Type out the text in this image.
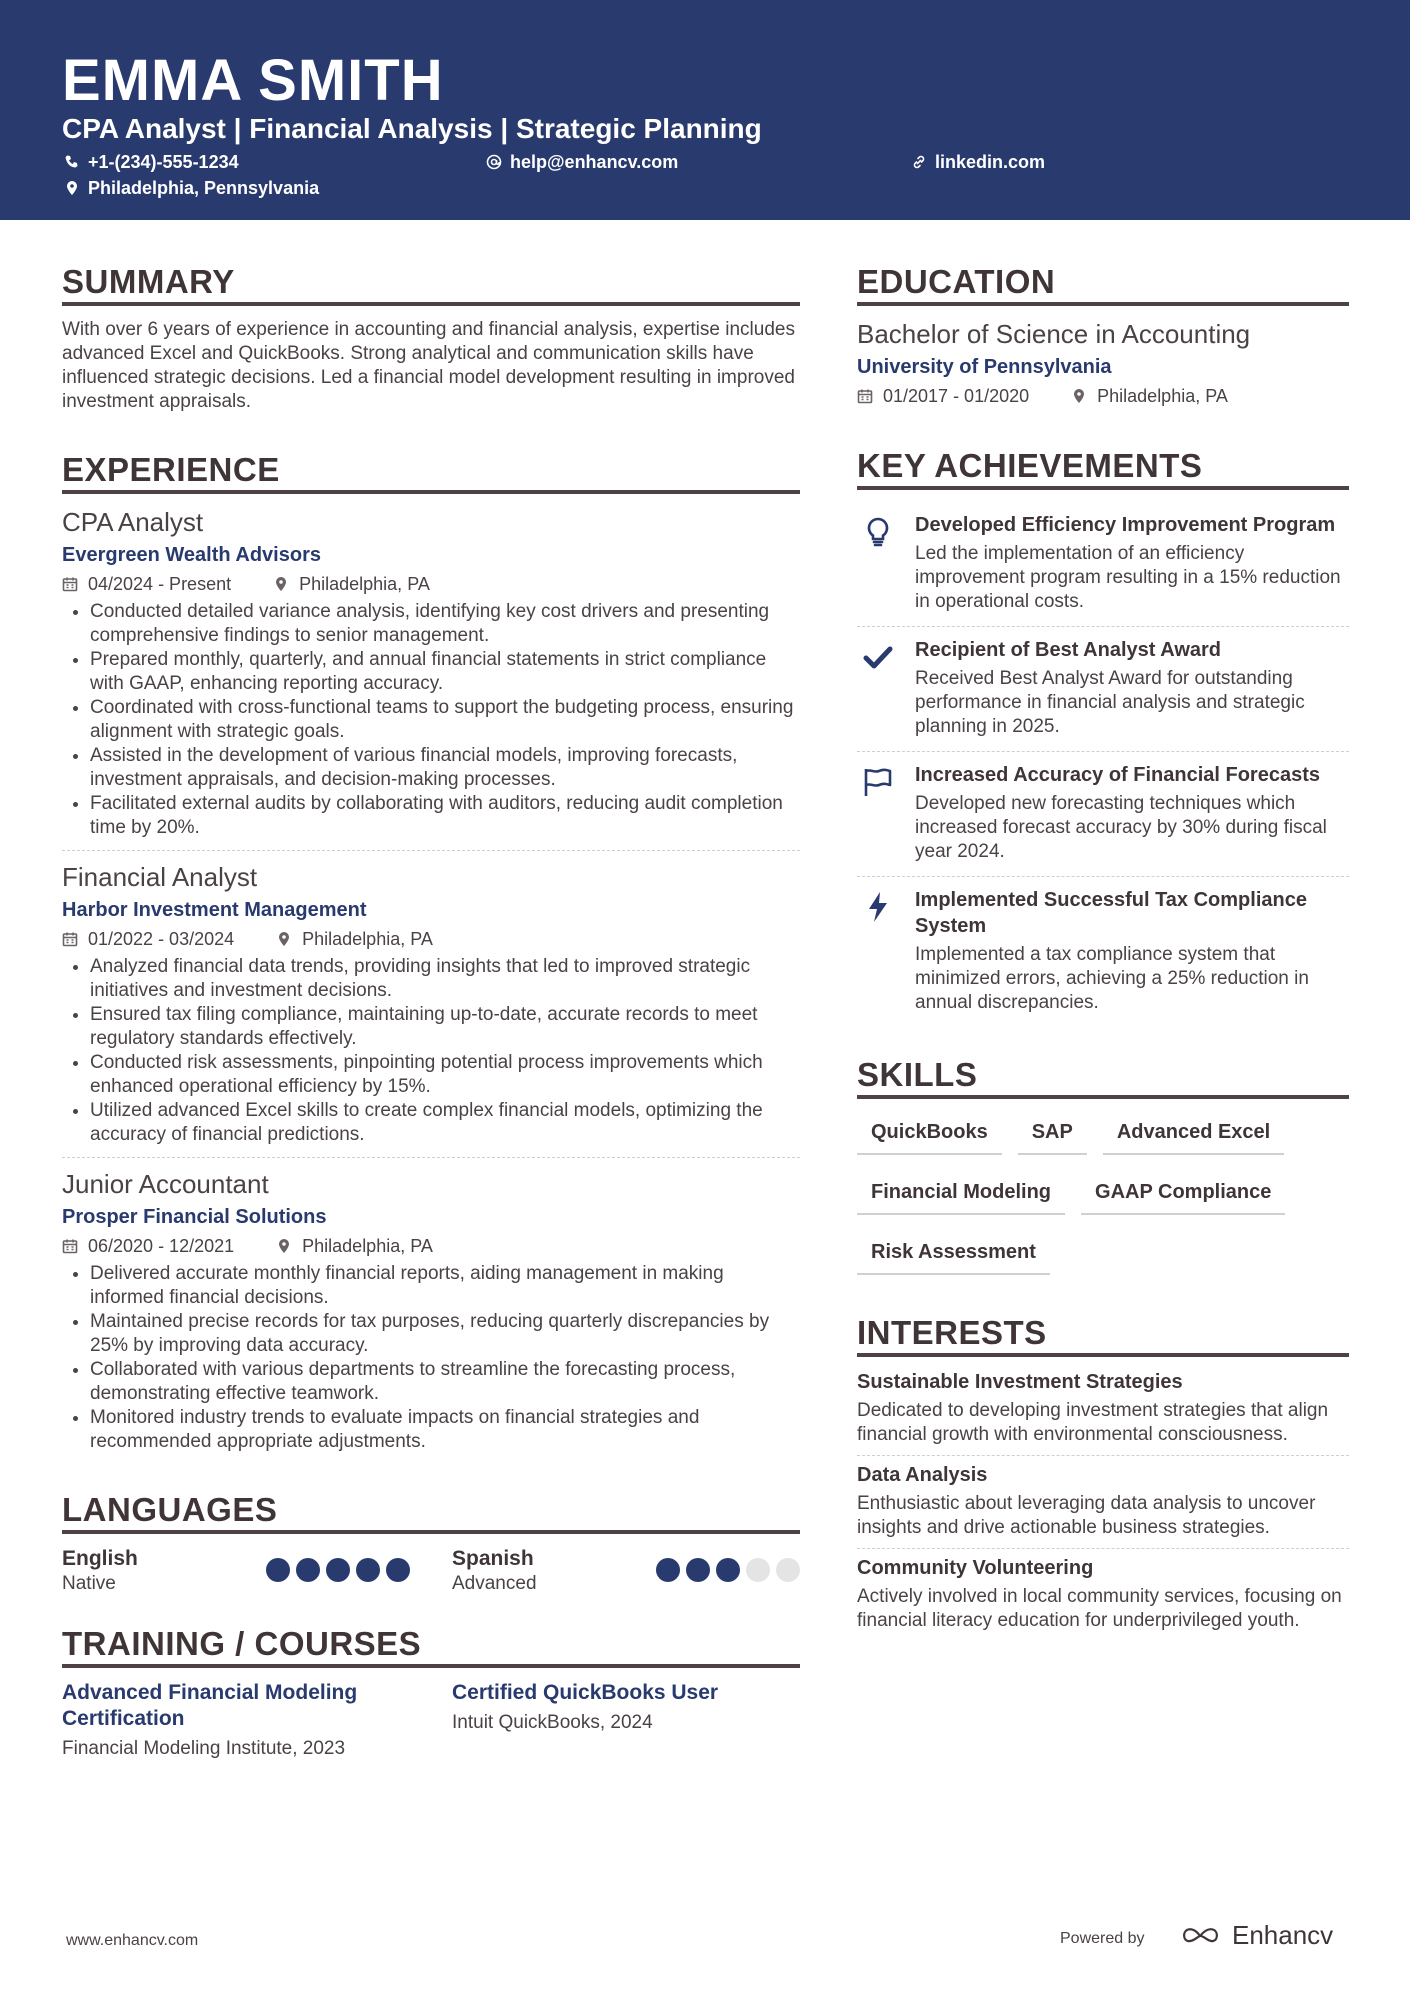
EMMA SMITH
CPA Analyst | Financial Analysis | Strategic Planning
+1-(234)-555-1234	help@enhancv.com	linkedin.com
Philadelphia, Pennsylvania
SUMMARY
With over 6 years of experience in accounting and financial analysis, expertise includes advanced Excel and QuickBooks. Strong analytical and communication skills have influenced strategic decisions. Led a financial model development resulting in improved investment appraisals.
EXPERIENCE
CPA Analyst
Evergreen Wealth Advisors
04/2024 - Present	Philadelphia, PA
• Conducted detailed variance analysis, identifying key cost drivers and presenting comprehensive findings to senior management.
• Prepared monthly, quarterly, and annual financial statements in strict compliance with GAAP, enhancing reporting accuracy.
• Coordinated with cross-functional teams to support the budgeting process, ensuring alignment with strategic goals.
• Assisted in the development of various financial models, improving forecasts, investment appraisals, and decision-making processes.
• Facilitated external audits by collaborating with auditors, reducing audit completion time by 20%.
Financial Analyst
Harbor Investment Management
01/2022 - 03/2024	Philadelphia, PA
• Analyzed financial data trends, providing insights that led to improved strategic initiatives and investment decisions.
• Ensured tax filing compliance, maintaining up-to-date, accurate records to meet regulatory standards effectively.
• Conducted risk assessments, pinpointing potential process improvements which enhanced operational efficiency by 15%.
• Utilized advanced Excel skills to create complex financial models, optimizing the accuracy of financial predictions.
Junior Accountant
Prosper Financial Solutions
06/2020 - 12/2021	Philadelphia, PA
• Delivered accurate monthly financial reports, aiding management in making informed financial decisions.
• Maintained precise records for tax purposes, reducing quarterly discrepancies by 25% by improving data accuracy.
• Collaborated with various departments to streamline the forecasting process, demonstrating effective teamwork.
• Monitored industry trends to evaluate impacts on financial strategies and recommended appropriate adjustments.
LANGUAGES
English
Native
Spanish
Advanced
TRAINING / COURSES
Advanced Financial Modeling Certification
Financial Modeling Institute, 2023
Certified QuickBooks User
Intuit QuickBooks, 2024
EDUCATION
Bachelor of Science in Accounting
University of Pennsylvania
01/2017 - 01/2020	Philadelphia, PA
KEY ACHIEVEMENTS
Developed Efficiency Improvement Program
Led the implementation of an efficiency improvement program resulting in a 15% reduction in operational costs.
Recipient of Best Analyst Award
Received Best Analyst Award for outstanding performance in financial analysis and strategic planning in 2025.
Increased Accuracy of Financial Forecasts
Developed new forecasting techniques which increased forecast accuracy by 30% during fiscal year 2024.
Implemented Successful Tax Compliance System
Implemented a tax compliance system that minimized errors, achieving a 25% reduction in annual discrepancies.
SKILLS
QuickBooks	SAP	Advanced Excel
Financial Modeling	GAAP Compliance
Risk Assessment
INTERESTS
Sustainable Investment Strategies
Dedicated to developing investment strategies that align financial growth with environmental consciousness.
Data Analysis
Enthusiastic about leveraging data analysis to uncover insights and drive actionable business strategies.
Community Volunteering
Actively involved in local community services, focusing on financial literacy education for underprivileged youth.
www.enhancv.com	Powered by	Enhancv
